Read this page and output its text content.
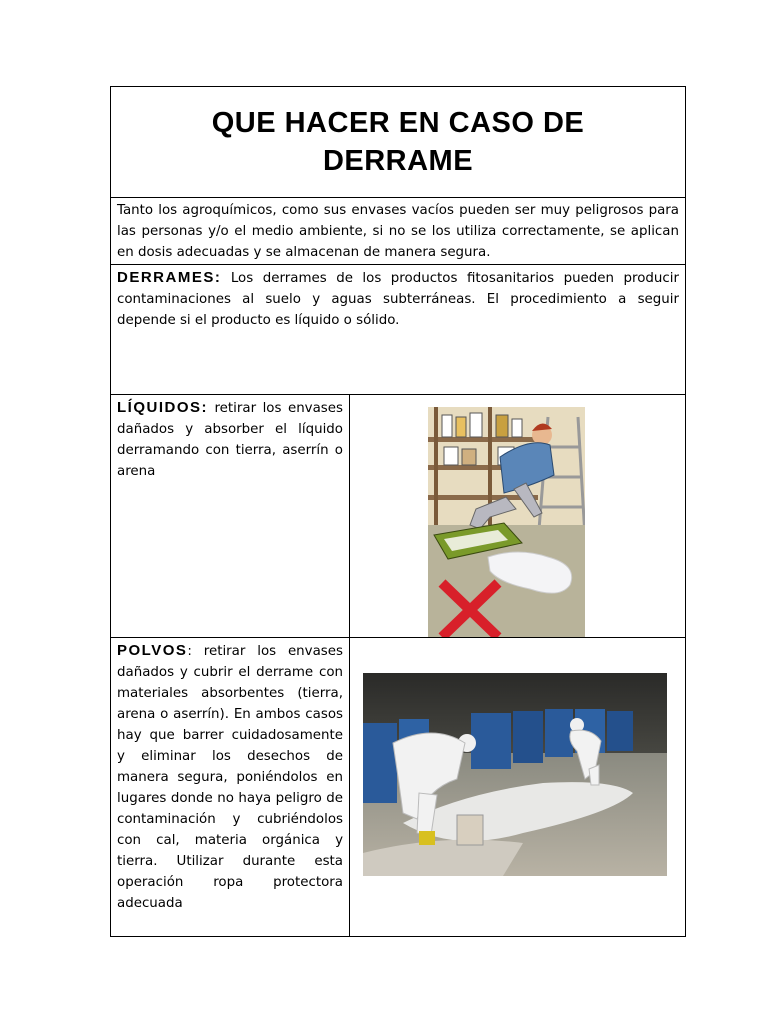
QUE HACER EN CASO DE DERRAME
Tanto los agroquímicos, como sus envases vacíos pueden ser muy peligrosos para las personas y/o el medio ambiente, si no se los utiliza correctamente, se aplican en dosis adecuadas y se almacenan de manera segura.
DERRAMES: Los derrames de los productos fitosanitarios pueden producir contaminaciones al suelo y aguas subterráneas. El procedimiento a seguir depende si el producto es líquido o sólido.
LÍQUIDOS: retirar los envases dañados y absorber el líquido derramando con tierra, aserrín o arena
POLVOS: retirar los envases dañados y cubrir el derrame con materiales absorbentes (tierra, arena o aserrín). En ambos casos hay que barrer cuidadosamente y eliminar los desechos de manera segura, poniéndolos en lugares donde no haya peligro de contaminación y cubriéndolos con cal, materia orgánica y tierra. Utilizar durante esta operación ropa protectora adecuada
